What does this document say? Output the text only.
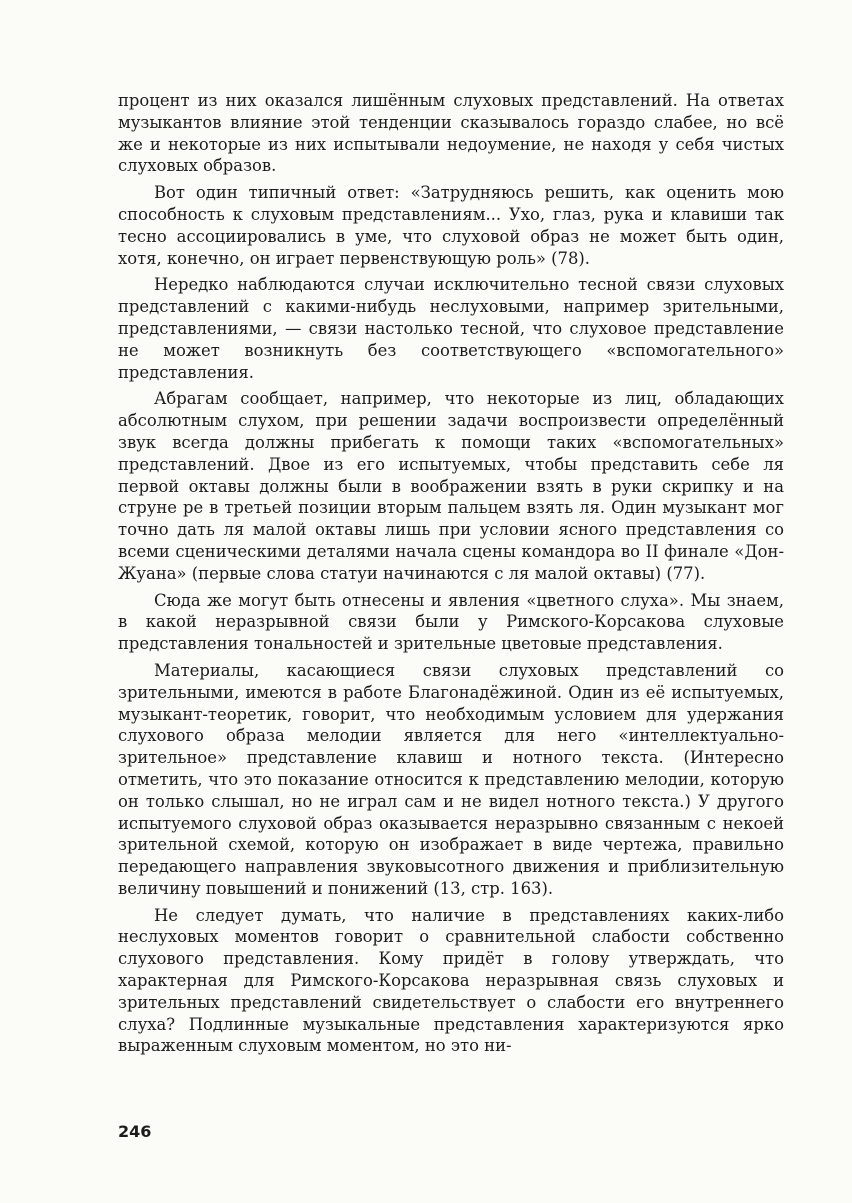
процент из них оказался лишённым слуховых представлений. На ответах музыкантов влияние этой тенденции сказывалось гораздо слабее, но всё же и некоторые из них испытывали недоумение, не находя у себя чистых слуховых образов.

Вот один типичный ответ: «Затрудняюсь решить, как оценить мою способность к слуховым представлениям... Ухо, глаз, рука и клавиши так тесно ассоциировались в уме, что слуховой образ не может быть один, хотя, конечно, он играет первенствующую роль» (78).

Нередко наблюдаются случаи исключительно тесной связи слуховых представлений с какими-нибудь неслуховыми, например зрительными, представлениями, — связи настолько тесной, что слуховое представление не может возникнуть без соответствующего «вспомогательного» представления.

Абрагам сообщает, например, что некоторые из лиц, обладающих абсолютным слухом, при решении задачи воспроизвести определённый звук всегда должны прибегать к помощи таких «вспомогательных» представлений. Двое из его испытуемых, чтобы представить себе ля первой октавы должны были в воображении взять в руки скрипку и на струне ре в третьей позиции вторым пальцем взять ля. Один музыкант мог точно дать ля малой октавы лишь при условии ясного представления со всеми сценическими деталями начала сцены командора во II финале «Дон-Жуана» (первые слова статуи начинаются с ля малой октавы) (77).

Сюда же могут быть отнесены и явления «цветного слуха». Мы знаем, в какой неразрывной связи были у Римского-Корсакова слуховые представления тональностей и зрительные цветовые представления.

Материалы, касающиеся связи слуховых представлений со зрительными, имеются в работе Благонадёжиной. Один из её испытуемых, музыкант-теоретик, говорит, что необходимым условием для удержания слухового образа мелодии является для него «интеллектуально-зрительное» представление клавиш и нотного текста. (Интересно отметить, что это показание относится к представлению мелодии, которую он только слышал, но не играл сам и не видел нотного текста.) У другого испытуемого слуховой образ оказывается неразрывно связанным с некоей зрительной схемой, которую он изображает в виде чертежа, правильно передающего направления звуковысотного движения и приблизительную величину повышений и понижений (13, стр. 163).

Не следует думать, что наличие в представлениях каких-либо неслуховых моментов говорит о сравнительной слабости собственно слухового представления. Кому придёт в голову утверждать, что характерная для Римского-Корсакова неразрывная связь слуховых и зрительных представлений свидетельствует о слабости его внутреннего слуха? Подлинные музыкальные представления характеризуются ярко выраженным слуховым моментом, но это ни-

246
